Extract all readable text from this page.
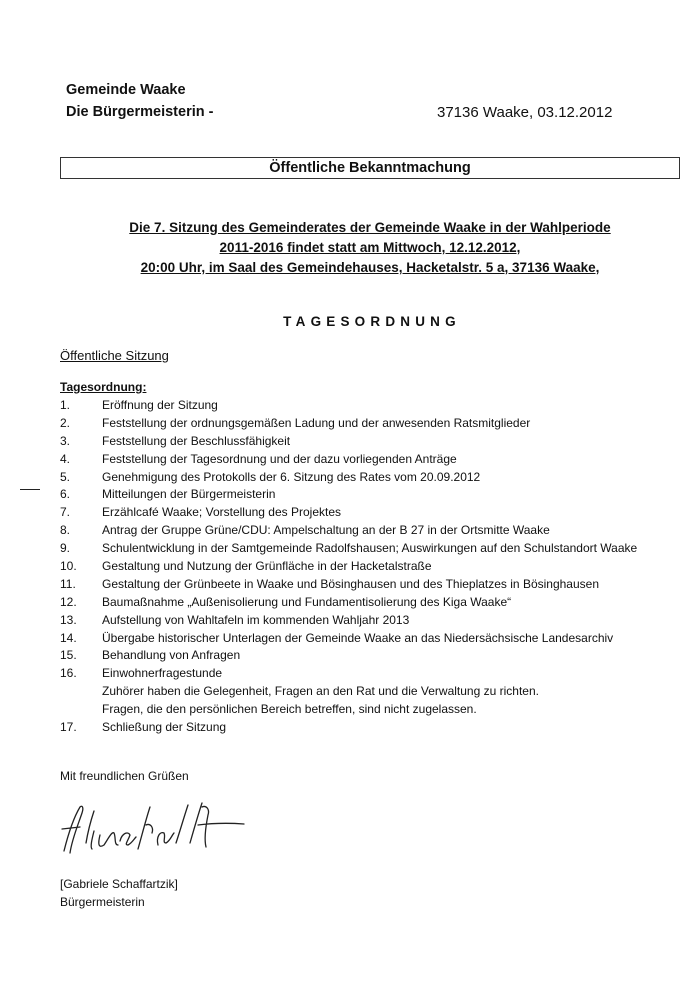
Gemeinde Waake
Die Bürgermeisterin -	37136 Waake, 03.12.2012
Öffentliche Bekanntmachung
Die 7. Sitzung des Gemeinderates der Gemeinde Waake in der Wahlperiode
2011-2016 findet statt am Mittwoch, 12.12.2012,
20:00 Uhr, im Saal des Gemeindehauses, Hacketalstr. 5 a, 37136 Waake,
TAGESORDNUNG
Öffentliche Sitzung
Tagesordnung:
1.	Eröffnung der Sitzung
2.	Feststellung der ordnungsgemäßen Ladung und der anwesenden Ratsmitglieder
3.	Feststellung der Beschlussfähigkeit
4.	Feststellung der Tagesordnung und der dazu vorliegenden Anträge
5.	Genehmigung des Protokolls der 6. Sitzung des Rates vom 20.09.2012
6.	Mitteilungen der Bürgermeisterin
7.	Erzählcafé Waake; Vorstellung des Projektes
8.	Antrag der Gruppe Grüne/CDU: Ampelschaltung an der B 27 in der Ortsmitte Waake
9.	Schulentwicklung in der Samtgemeinde Radolfshausen; Auswirkungen auf den Schulstandort Waake
10. Gestaltung und Nutzung der Grünfläche in der Hacketalstraße
11. Gestaltung der Grünbeete in Waake und Bösinghausen und des Thieplatzes in Bösinghausen
12. Baumaßnahme „Außenisolierung und Fundamentisolierung des Kiga Waake“
13. Aufstellung von Wahltafeln im kommenden Wahljahr 2013
14. Übergabe historischer Unterlagen der Gemeinde Waake an das Niedersächsische Landesarchiv
15. Behandlung von Anfragen
16. Einwohnerfragestunde
Zuhörer haben die Gelegenheit, Fragen an den Rat und die Verwaltung zu richten.
Fragen, die den persönlichen Bereich betreffen, sind nicht zugelassen.
17. Schließung der Sitzung
Mit freundlichen Grüßen
[Gabriele Schaffartzik]
Bürgermeisterin
